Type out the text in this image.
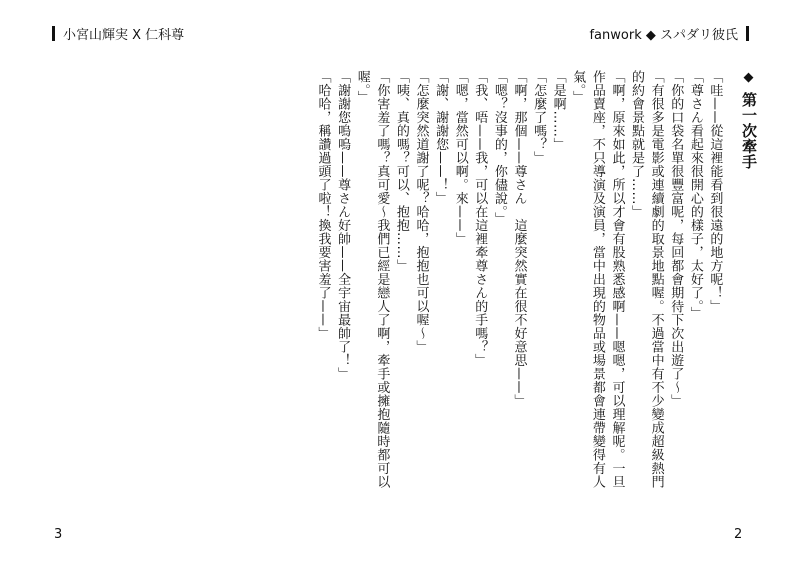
小宮山輝実 X 仁科尊	fanwork ◆ スパダリ彼氏
◆
第一次牽手

「哇——從這裡能看到很遠的地方呢！」

「尊さん看起來很開心的樣子，太好了。」

「你的口袋名單很豐富呢，每回都會期待下次出遊了～」

「有很多是電影或連續劇的取景地點喔。不過當中有不少變成超級熱門的約會景點就是了……」

「啊，原來如此，所以才會有股熟悉感啊——嗯嗯，可以理解呢。一旦作品賣座，不只導演及演員，當中出現的物品或場景都會連帶變得有人氣。」

「是啊……」

「怎麼了嗎？」

「啊，那個——尊さん　這麼突然實在很不好意思——」

「嗯？沒事的，你儘說。」

「我、唔——我，可以在這裡牽尊さん的手嗎？」

「嗯，當然可以啊。來——」

「謝、謝謝您——！」

「怎麼突然道謝了呢？哈哈，抱抱也可以喔～」

「咦、真的嗎？可以、抱抱……」

「你害羞了嗎？真可愛～我們已經是戀人了啊，牽手或擁抱隨時都可以喔。」

「謝謝您嗚嗚——尊さん好帥——全宇宙最帥了！」

「哈哈，稱讚過頭了啦！換我要害羞了——」

3	2
